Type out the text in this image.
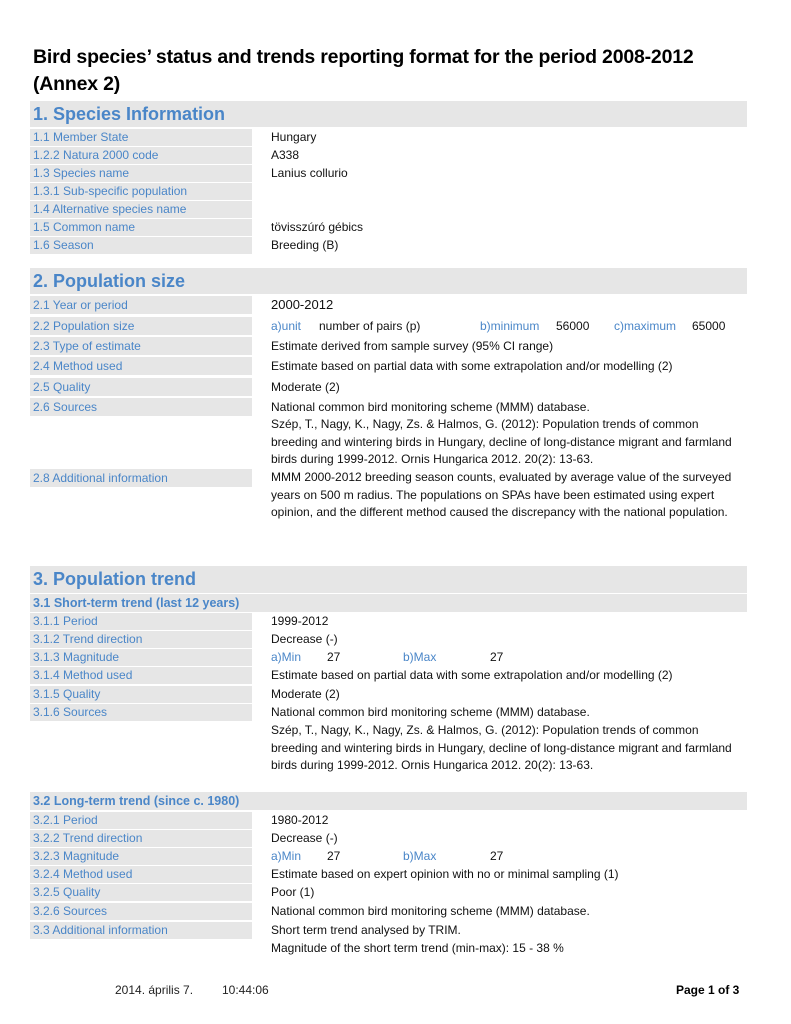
Bird species’ status and trends reporting format for the period 2008-2012 (Annex 2)
1. Species Information
1.1 Member State	Hungary
1.2.2 Natura 2000 code	A338
1.3 Species name	Lanius collurio
1.3.1 Sub-specific population
1.4 Alternative species name
1.5 Common name	tövisszúró gébics
1.6 Season	Breeding (B)
2. Population size
2.1 Year or period	2000-2012
2.2 Population size	a)unit number of pairs (p)	b)minimum 56000 c)maximum 65000
2.3 Type of estimate	Estimate derived from sample survey (95% CI range)
2.4 Method used	Estimate based on partial data with some extrapolation and/or modelling (2)
2.5 Quality	Moderate (2)
2.6 Sources	National common bird monitoring scheme (MMM) database.
Szép, T., Nagy, K., Nagy, Zs. & Halmos, G. (2012): Population trends of common breeding and wintering birds in Hungary, decline of long-distance migrant and farmland birds during 1999-2012. Ornis Hungarica 2012. 20(2): 13-63.
2.8 Additional information	MMM 2000-2012 breeding season counts, evaluated by average value of the surveyed years on 500 m radius. The populations on SPAs have been estimated using expert opinion, and the different method caused the discrepancy with the national population.
3. Population trend
3.1 Short-term trend (last 12 years)
3.1.1 Period	1999-2012
3.1.2 Trend direction	Decrease (-)
3.1.3 Magnitude	a)Min 27	b)Max	27
3.1.4 Method used	Estimate based on partial data with some extrapolation and/or modelling (2)
3.1.5 Quality	Moderate (2)
3.1.6 Sources	National common bird monitoring scheme (MMM) database.
Szép, T., Nagy, K., Nagy, Zs. & Halmos, G. (2012): Population trends of common breeding and wintering birds in Hungary, decline of long-distance migrant and farmland birds during 1999-2012. Ornis Hungarica 2012. 20(2): 13-63.
3.2 Long-term trend (since c. 1980)
3.2.1 Period	1980-2012
3.2.2 Trend direction	Decrease (-)
3.2.3 Magnitude	a)Min 27	b)Max	27
3.2.4 Method used	Estimate based on expert opinion with no or minimal sampling (1)
3.2.5 Quality	Poor (1)
3.2.6 Sources	National common bird monitoring scheme (MMM) database.
3.3 Additional information	Short term trend analysed by TRIM.
Magnitude of the short term trend (min-max): 15 - 38 %
2014. április 7. 10:44:06	Page 1 of 3
